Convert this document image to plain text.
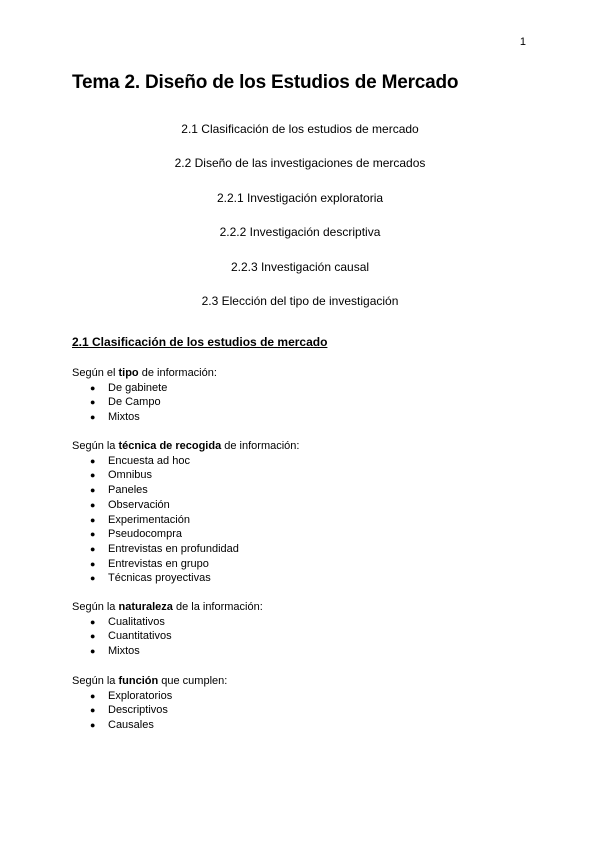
1
Tema 2. Diseño de los Estudios de Mercado
2.1 Clasificación de los estudios de mercado
2.2 Diseño de las investigaciones de mercados
2.2.1 Investigación exploratoria
2.2.2 Investigación descriptiva
2.2.3 Investigación causal
2.3 Elección del tipo de investigación
2.1 Clasificación de los estudios de mercado
Según el tipo de información:
● De gabinete
● De Campo
● Mixtos
Según la técnica de recogida de información:
● Encuesta ad hoc
● Omnibus
● Paneles
● Observación
● Experimentación
● Pseudocompra
● Entrevistas en profundidad
● Entrevistas en grupo
● Técnicas proyectivas
Según la naturaleza de la información:
● Cualitativos
● Cuantitativos
● Mixtos
Según la función que cumplen:
● Exploratorios
● Descriptivos
● Causales
